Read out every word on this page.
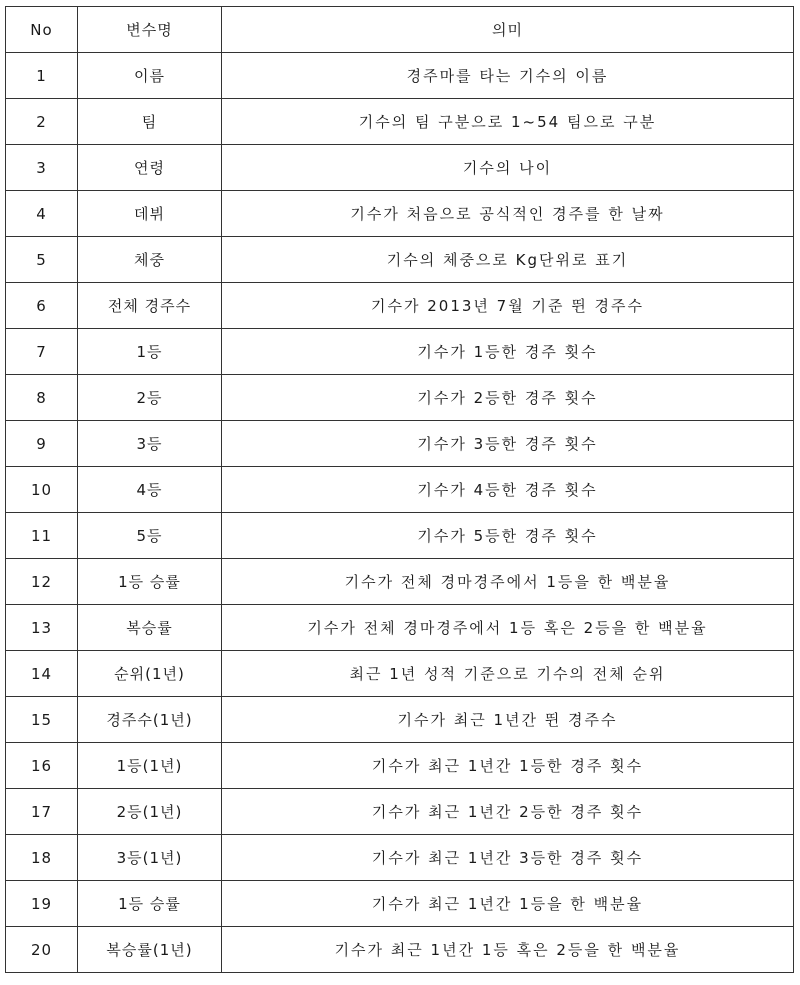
No	변수명	의미
1	이름	경주마를 타는 기수의 이름
2	팀	기수의 팀 구분으로 1~54 팀으로 구분
3	연령	기수의 나이
4	데뷔	기수가 처음으로 공식적인 경주를 한 날짜
5	체중	기수의 체중으로 Kg단위로 표기
6	전체 경주수	기수가 2013년 7월 기준 뛴 경주수
7	1등	기수가 1등한 경주 횟수
8	2등	기수가 2등한 경주 횟수
9	3등	기수가 3등한 경주 횟수
10	4등	기수가 4등한 경주 횟수
11	5등	기수가 5등한 경주 횟수
12	1등 승률	기수가 전체 경마경주에서 1등을 한 백분율
13	복승률	기수가 전체 경마경주에서 1등 혹은 2등을 한 백분율
14	순위(1년)	최근 1년 성적 기준으로 기수의 전체 순위
15	경주수(1년)	기수가 최근 1년간 뛴 경주수
16	1등(1년)	기수가 최근 1년간 1등한 경주 횟수
17	2등(1년)	기수가 최근 1년간 2등한 경주 횟수
18	3등(1년)	기수가 최근 1년간 3등한 경주 횟수
19	1등 승률	기수가 최근 1년간 1등을 한 백분율
20	복승률(1년)	기수가 최근 1년간 1등 혹은 2등을 한 백분율
